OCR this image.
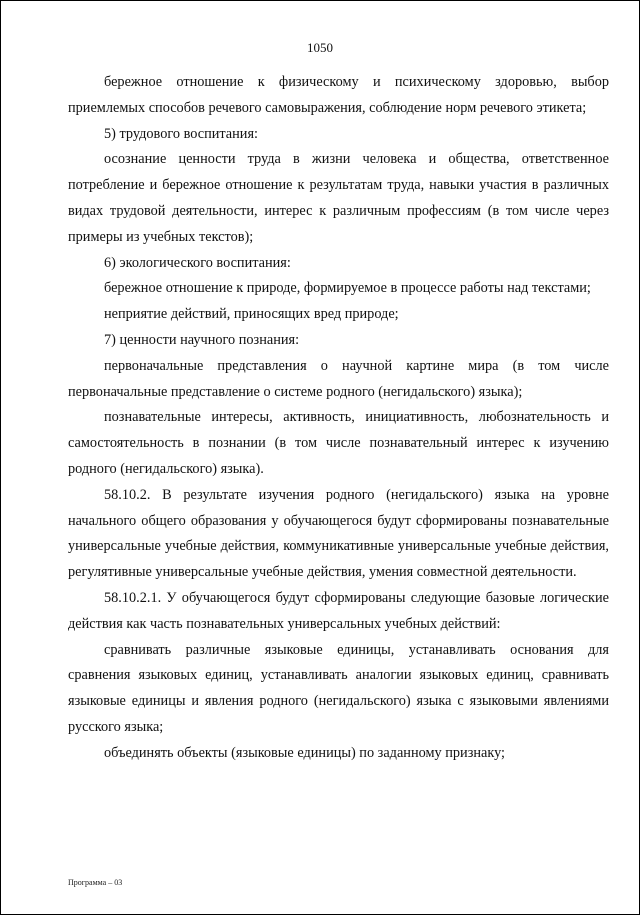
1050

бережное отношение к физическому и психическому здоровью, выбор приемлемых способов речевого самовыражения, соблюдение норм речевого этикета;

5) трудового воспитания:

осознание ценности труда в жизни человека и общества, ответственное потребление и бережное отношение к результатам труда, навыки участия в различных видах трудовой деятельности, интерес к различным профессиям (в том числе через примеры из учебных текстов);

6) экологического воспитания:

бережное отношение к природе, формируемое в процессе работы над текстами;

неприятие действий, приносящих вред природе;

7) ценности научного познания:

первоначальные представления о научной картине мира (в том числе первоначальные представление о системе родного (негидальского) языка);

познавательные интересы, активность, инициативность, любознательность и самостоятельность в познании (в том числе познавательный интерес к изучению родного (негидальского) языка).

58.10.2. В результате изучения родного (негидальского) языка на уровне начального общего образования у обучающегося будут сформированы познавательные универсальные учебные действия, коммуникативные универсальные учебные действия, регулятивные универсальные учебные действия, умения совместной деятельности.

58.10.2.1. У обучающегося будут сформированы следующие базовые логические действия как часть познавательных универсальных учебных действий:

сравнивать различные языковые единицы, устанавливать основания для сравнения языковых единиц, устанавливать аналогии языковых единиц, сравнивать языковые единицы и явления родного (негидальского) языка с языковыми явлениями русского языка;

объединять объекты (языковые единицы) по заданному признаку;

Программа – 03
